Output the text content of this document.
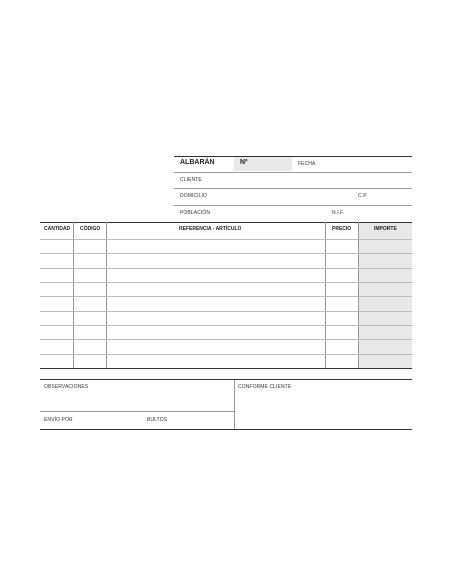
ALBARÁN	Nº	FECHA
CLIENTE
DOMICILIO	C.P.
POBLACIÓN	N.I.F.
CANTIDAD CÓDIGO	REFERENCIA - ARTÍCULO	PRECIO	IMPORTE
OBSERVACIONES	CONFORME CLIENTE
ENVÍO POR	BULTOS
